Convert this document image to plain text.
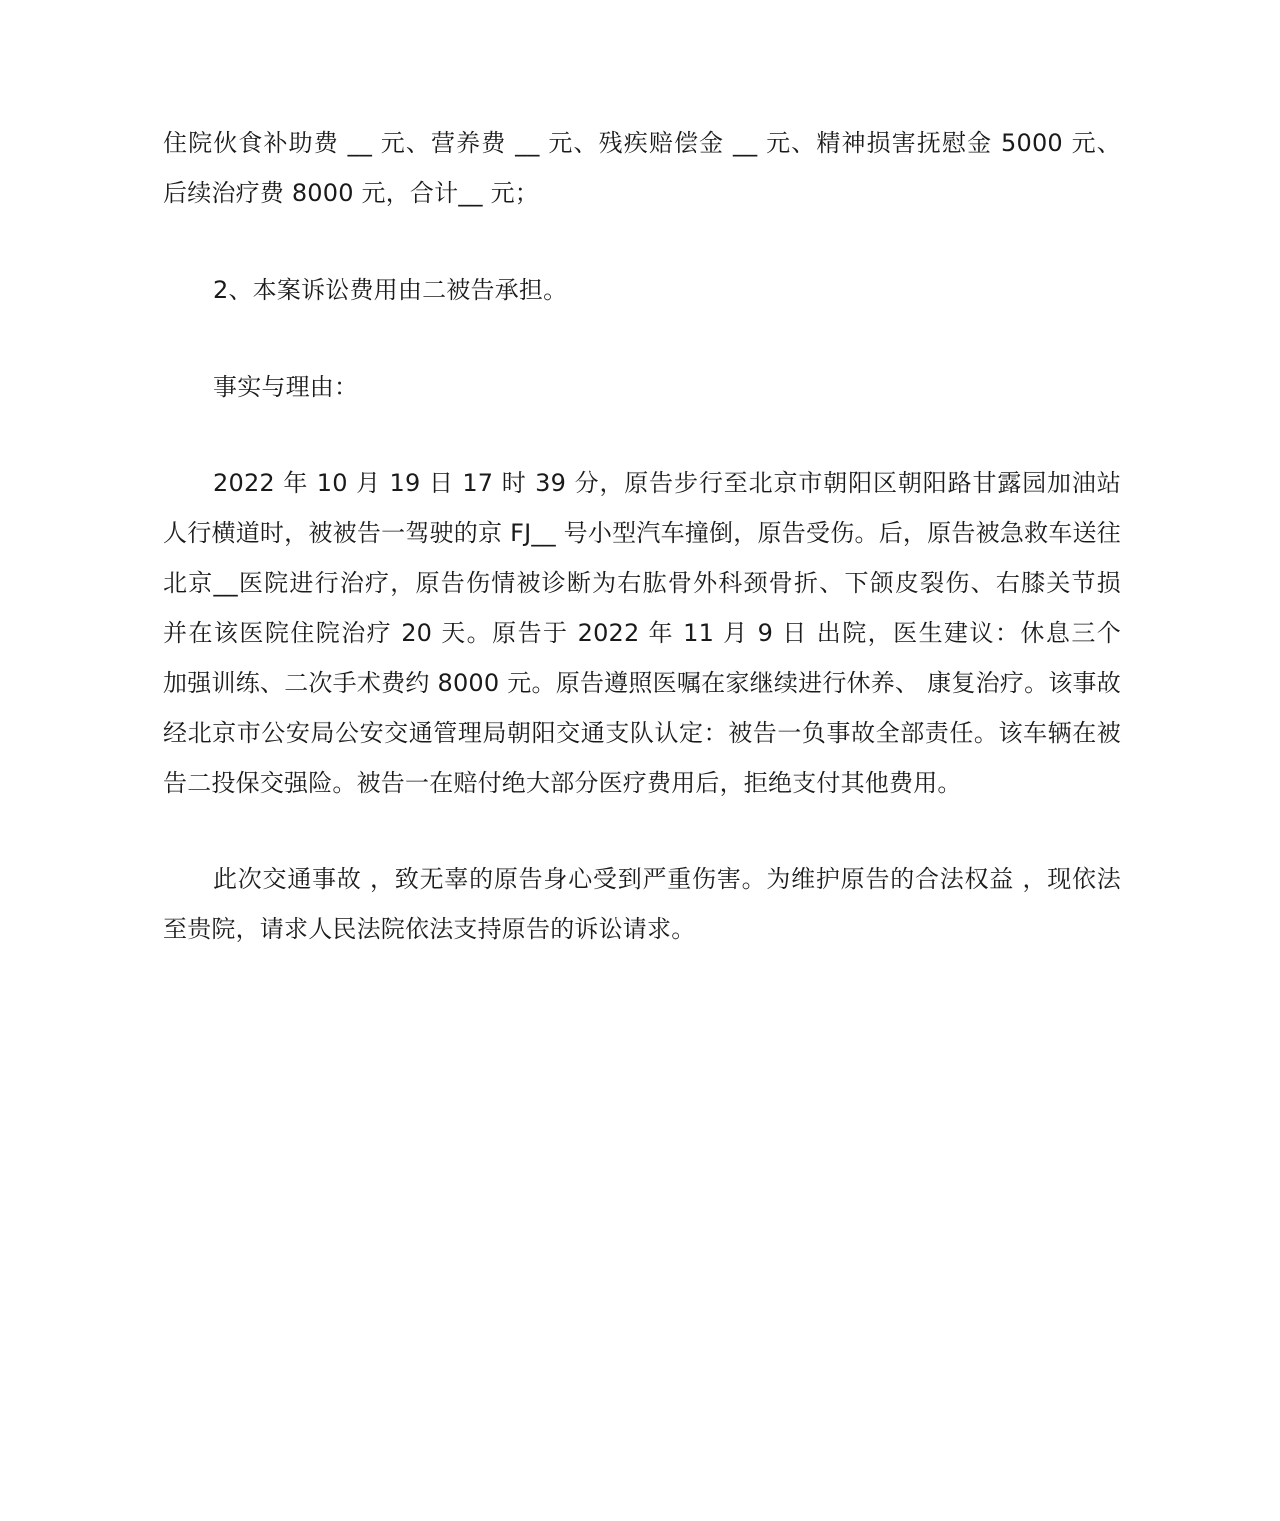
住院伙食补助费 __ 元、营养费 __ 元、残疾赔偿金 __ 元、精神损害抚慰金 5000 元、
后续治疗费 8000 元，合计__ 元；
2、本案诉讼费用由二被告承担。
事实与理由：
2022 年 10 月 19 日 17 时 39 分，原告步行至北京市朝阳区朝阳路甘露园加油站
人行横道时，被被告一驾驶的京 FJ__ 号小型汽车撞倒，原告受伤。后，原告被急救车送往
北京__医院进行治疗，原告伤情被诊断为右肱骨外科颈骨折、下颌皮裂伤、右膝关节损
并在该医院住院治疗 20 天。原告于 2022 年 11 月 9 日 出院，医生建议：休息三个
加强训练、二次手术费约 8000 元。原告遵照医嘱在家继续进行休养、 康复治疗。该事故
经北京市公安局公安交通管理局朝阳交通支队认定：被告一负事故全部责任。该车辆在被
告二投保交强险。被告一在赔付绝大部分医疗费用后，拒绝支付其他费用。
此次交通事故 ，致无辜的原告身心受到严重伤害。为维护原告的合法权益 ，现依法
至贵院，请求人民法院依法支持原告的诉讼请求。
